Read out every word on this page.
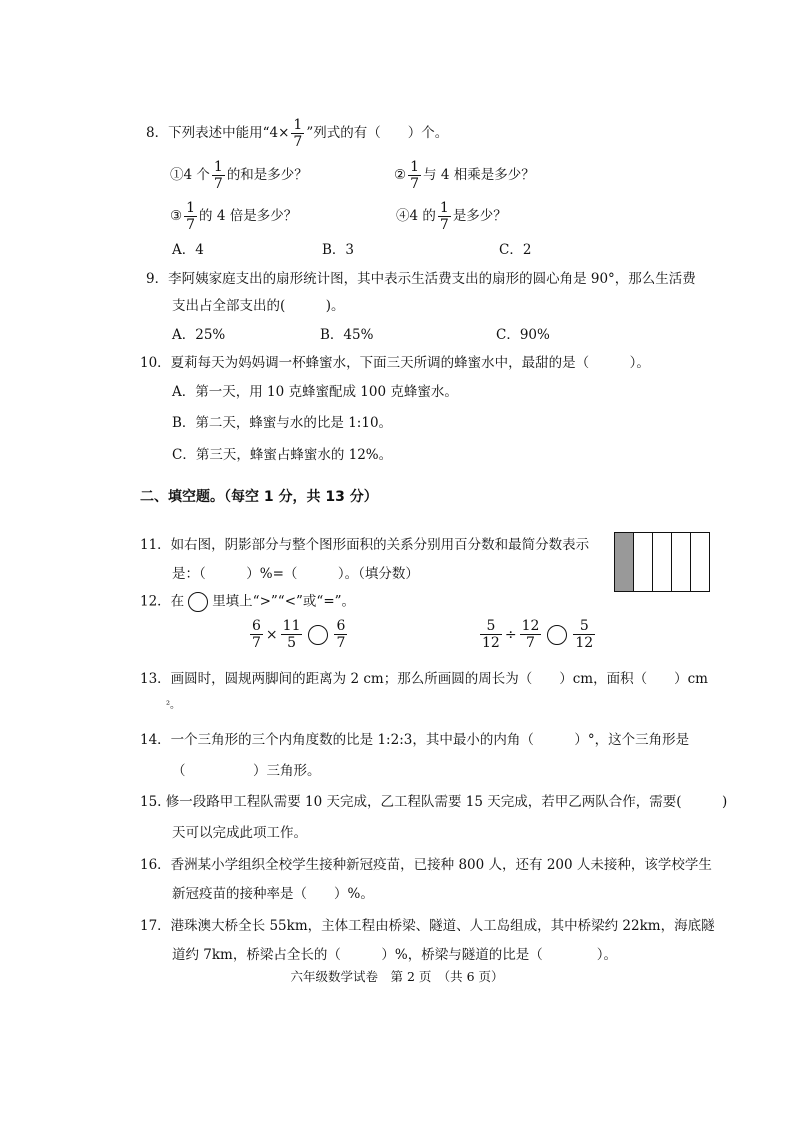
8．下列表述中能用“$4\times \frac{1}{7}$ ”列式的有（　　）个。
①4 个 $\frac{1}{7}$ 的和是多少？	② $\frac{1}{7}$ 与 4 相乘是多少？
③ $\frac{1}{7}$ 的 4 倍是多少？	④4 的 $\frac{1}{7}$ 是多少？
A．4	B．3	C．2
9．李阿姨家庭支出的扇形统计图，其中表示生活费支出的扇形的圆心角是 90°，那么生活费
支出占全部支出的(　　　)。
A．25%	B．45%	C．90%
10．夏莉每天为妈妈调一杯蜂蜜水，下面三天所调的蜂蜜水中，最甜的是（　　　）。
A．第一天，用 10 克蜂蜜配成 100 克蜂蜜水。
B．第二天，蜂蜜与水的比是 1:10。
C．第三天，蜂蜜占蜂蜜水的 12%。
二、填空题。（每空 1 分，共 13 分）
11．如右图，阴影部分与整个图形面积的关系分别用百分数和最简分数表示
是：（　　　）%=（　　　）。（填分数）
12．在 里填上“>”“<”或“=”。
$\frac{6}{7} \times \frac{11}{5} \frac{6}{7}$	$\frac{5}{12} \div \frac{12}{7} \frac{5}{12}$
13．画圆时，圆规两脚间的距离为 2 cm；那么所画圆的周长为（　　）cm，面积（　　）cm
²。
14．一个三角形的三个内角度数的比是 1:2:3，其中最小的内角（　　　）°，这个三角形是
（　　　　　）三角形。
15. 修一段路甲工程队需要 10 天完成，乙工程队需要 15 天完成，若甲乙两队合作，需要(　　　)
天可以完成此项工作。
16．香洲某小学组织全校学生接种新冠疫苗，已接种 800 人，还有 200 人未接种，该学校学生
新冠疫苗的接种率是（　　）%。
17．港珠澳大桥全长 55km，主体工程由桥梁、隧道、人工岛组成，其中桥梁约 22km，海底隧
道约 7km，桥梁占全长的（　　　）%，桥梁与隧道的比是（　　　　）。
六年级数学试卷　第 2 页　（共 6 页）
